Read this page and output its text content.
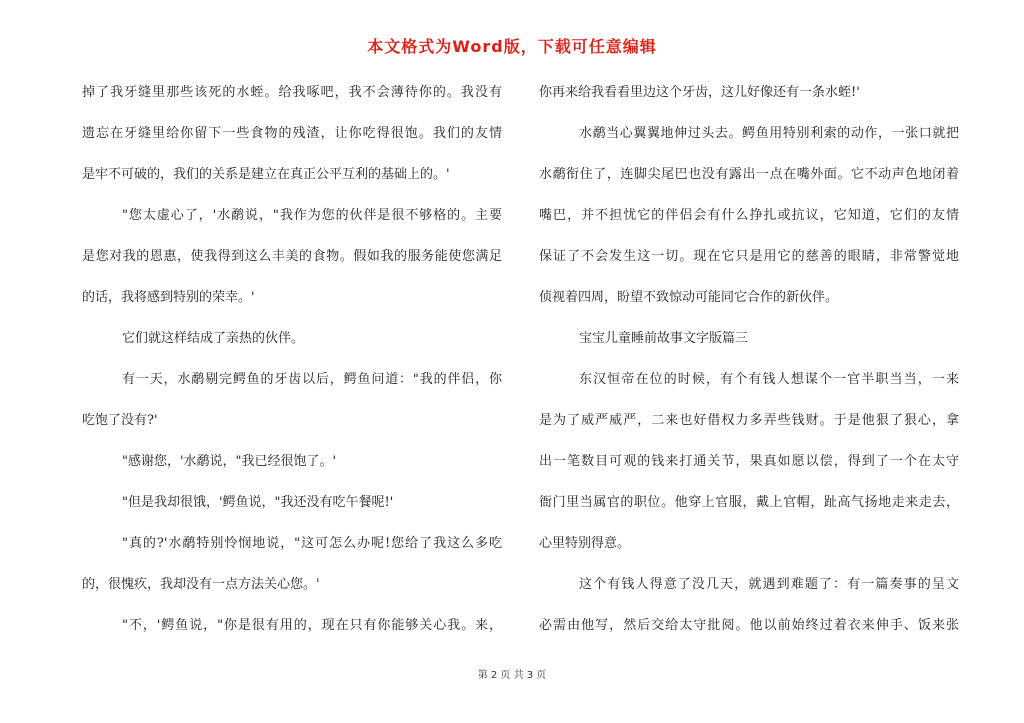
本文格式为Word版，下载可任意编辑
掉了我牙缝里那些该死的水蛭。给我啄吧，我不会薄待你的。我没有
遗忘在牙缝里给你留下一些食物的残渣，让你吃得很饱。我们的友情
是牢不可破的，我们的关系是建立在真正公平互利的基础上的。'
"您太虚心了，'水鹬说，"我作为您的伙伴是很不够格的。主要
是您对我的恩惠，使我得到这么丰美的食物。假如我的服务能使您满足
的话，我将感到特别的荣幸。'
它们就这样结成了亲热的伙伴。
有一天，水鹬剔完鳄鱼的牙齿以后，鳄鱼问道："我的伴侣，你
吃饱了没有?'
"感谢您，'水鹬说，"我已经很饱了。'
"但是我却很饿，'鳄鱼说，"我还没有吃午餐呢!'
"真的?'水鹬特别怜悯地说，"这可怎么办呢!您给了我这么多吃
的，很愧疚，我却没有一点方法关心您。'
"不，'鳄鱼说，"你是很有用的，现在只有你能够关心我。来，
你再来给我看看里边这个牙齿，这儿好像还有一条水蛭!'
水鹬当心翼翼地伸过头去。鳄鱼用特别利索的动作，一张口就把
水鹬衔住了，连脚尖尾巴也没有露出一点在嘴外面。它不动声色地闭着
嘴巴，并不担忧它的伴侣会有什么挣扎或抗议，它知道，它们的友情
保证了不会发生这一切。现在它只是用它的慈善的眼睛，非常警觉地
侦视着四周，盼望不致惊动可能同它合作的新伙伴。
宝宝儿童睡前故事文字版篇三
东汉恒帝在位的时候，有个有钱人想谋个一官半职当当，一来
是为了威严威严，二来也好借权力多弄些钱财。于是他狠了狠心，拿
出一笔数目可观的钱来打通关节，果真如愿以偿，得到了一个在太守
衙门里当属官的职位。他穿上官服，戴上官帽，趾高气扬地走来走去，
心里特别得意。
这个有钱人得意了没几天，就遇到难题了：有一篇奏事的呈文
必需由他写，然后交给太守批阅。他以前始终过着衣来伸手、饭来张
第 2 页 共 3 页
